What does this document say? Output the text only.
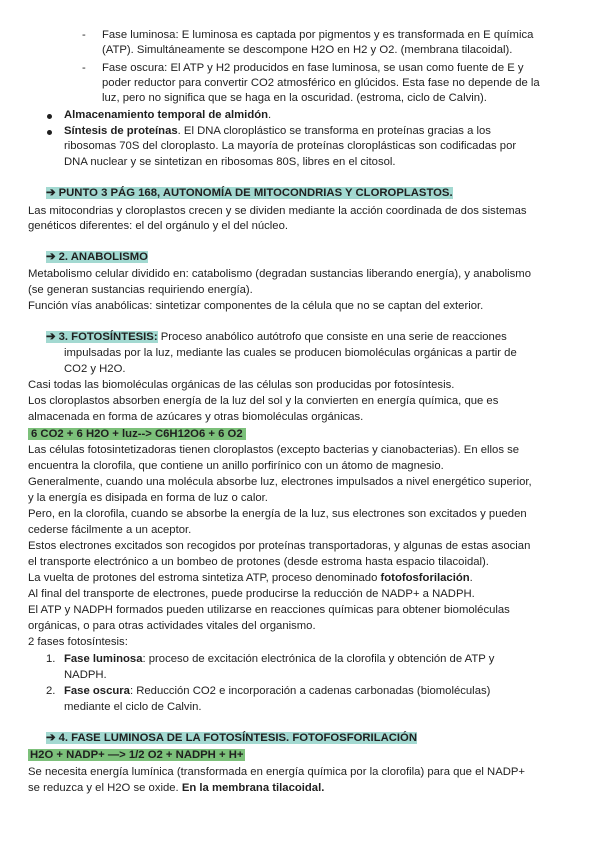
- Fase luminosa: E luminosa es captada por pigmentos y es transformada en E química
(ATP). Simultáneamente se descompone H2O en H2 y O2. (membrana tilacoidal).
- Fase oscura: El ATP y H2 producidos en fase luminosa, se usan como fuente de E y
poder reductor para convertir CO2 atmosférico en glúcidos. Esta fase no depende de la
luz, pero no significa que se haga en la oscuridad. (estroma, ciclo de Calvin).
Almacenamiento temporal de almidón.
Síntesis de proteínas. El DNA cloroplástico se transforma en proteínas gracias a los
ribosomas 70S del cloroplasto. La mayoría de proteínas cloroplásticas son codificadas por
DNA nuclear y se sintetizan en ribosomas 80S, libres en el citosol.
➔ PUNTO 3 PÁG 168, AUTONOMÍA DE MITOCONDRIAS Y CLOROPLASTOS.
Las mitocondrias y cloroplastos crecen y se dividen mediante la acción coordinada de dos sistemas
genéticos diferentes: el del orgánulo y el del núcleo.
➔ 2. ANABOLISMO
Metabolismo celular dividido en: catabolismo (degradan sustancias liberando energía), y anabolismo
(se generan sustancias requiriendo energía).
Función vías anabólicas: sintetizar componentes de la célula que no se captan del exterior.
➔ 3. FOTOSÍNTESIS: Proceso anabólico autótrofo que consiste en una serie de reacciones
impulsadas por la luz, mediante las cuales se producen biomoléculas orgánicas a partir de
CO2 y H2O.
Casi todas las biomoléculas orgánicas de las células son producidas por fotosíntesis.
Los cloroplastos absorben energía de la luz del sol y la convierten en energía química, que es
almacenada en forma de azúcares y otras biomoléculas orgánicas.
6 CO2 + 6 H2O + luz--> C6H12O6 + 6 O2
Las células fotosintetizadoras tienen cloroplastos (excepto bacterias y cianobacterias). En ellos se
encuentra la clorofila, que contiene un anillo porfirínico con un átomo de magnesio.
Generalmente, cuando una molécula absorbe luz, electrones impulsados a nivel energético superior,
y la energía es disipada en forma de luz o calor.
Pero, en la clorofila, cuando se absorbe la energía de la luz, sus electrones son excitados y pueden
cederse fácilmente a un aceptor.
Estos electrones excitados son recogidos por proteínas transportadoras, y algunas de estas asocian
el transporte electrónico a un bombeo de protones (desde estroma hasta espacio tilacoidal).
La vuelta de protones del estroma sintetiza ATP, proceso denominado fotofosforilación.
Al final del transporte de electrones, puede producirse la reducción de NADP+ a NADPH.
El ATP y NADPH formados pueden utilizarse en reacciones químicas para obtener biomoléculas
orgánicas, o para otras actividades vitales del organismo.
2 fases fotosíntesis:
1. Fase luminosa: proceso de excitación electrónica de la clorofila y obtención de ATP y
NADPH.
2. Fase oscura: Reducción CO2 e incorporación a cadenas carbonadas (biomoléculas)
mediante el ciclo de Calvin.
➔ 4. FASE LUMINOSA DE LA FOTOSÍNTESIS. FOTOFOSFORILACIÓN
H2O + NADP+ —> 1/2 O2 + NADPH + H+
Se necesita energía lumínica (transformada en energía química por la clorofila) para que el NADP+
se reduzca y el H2O se oxide. En la membrana tilacoidal.
